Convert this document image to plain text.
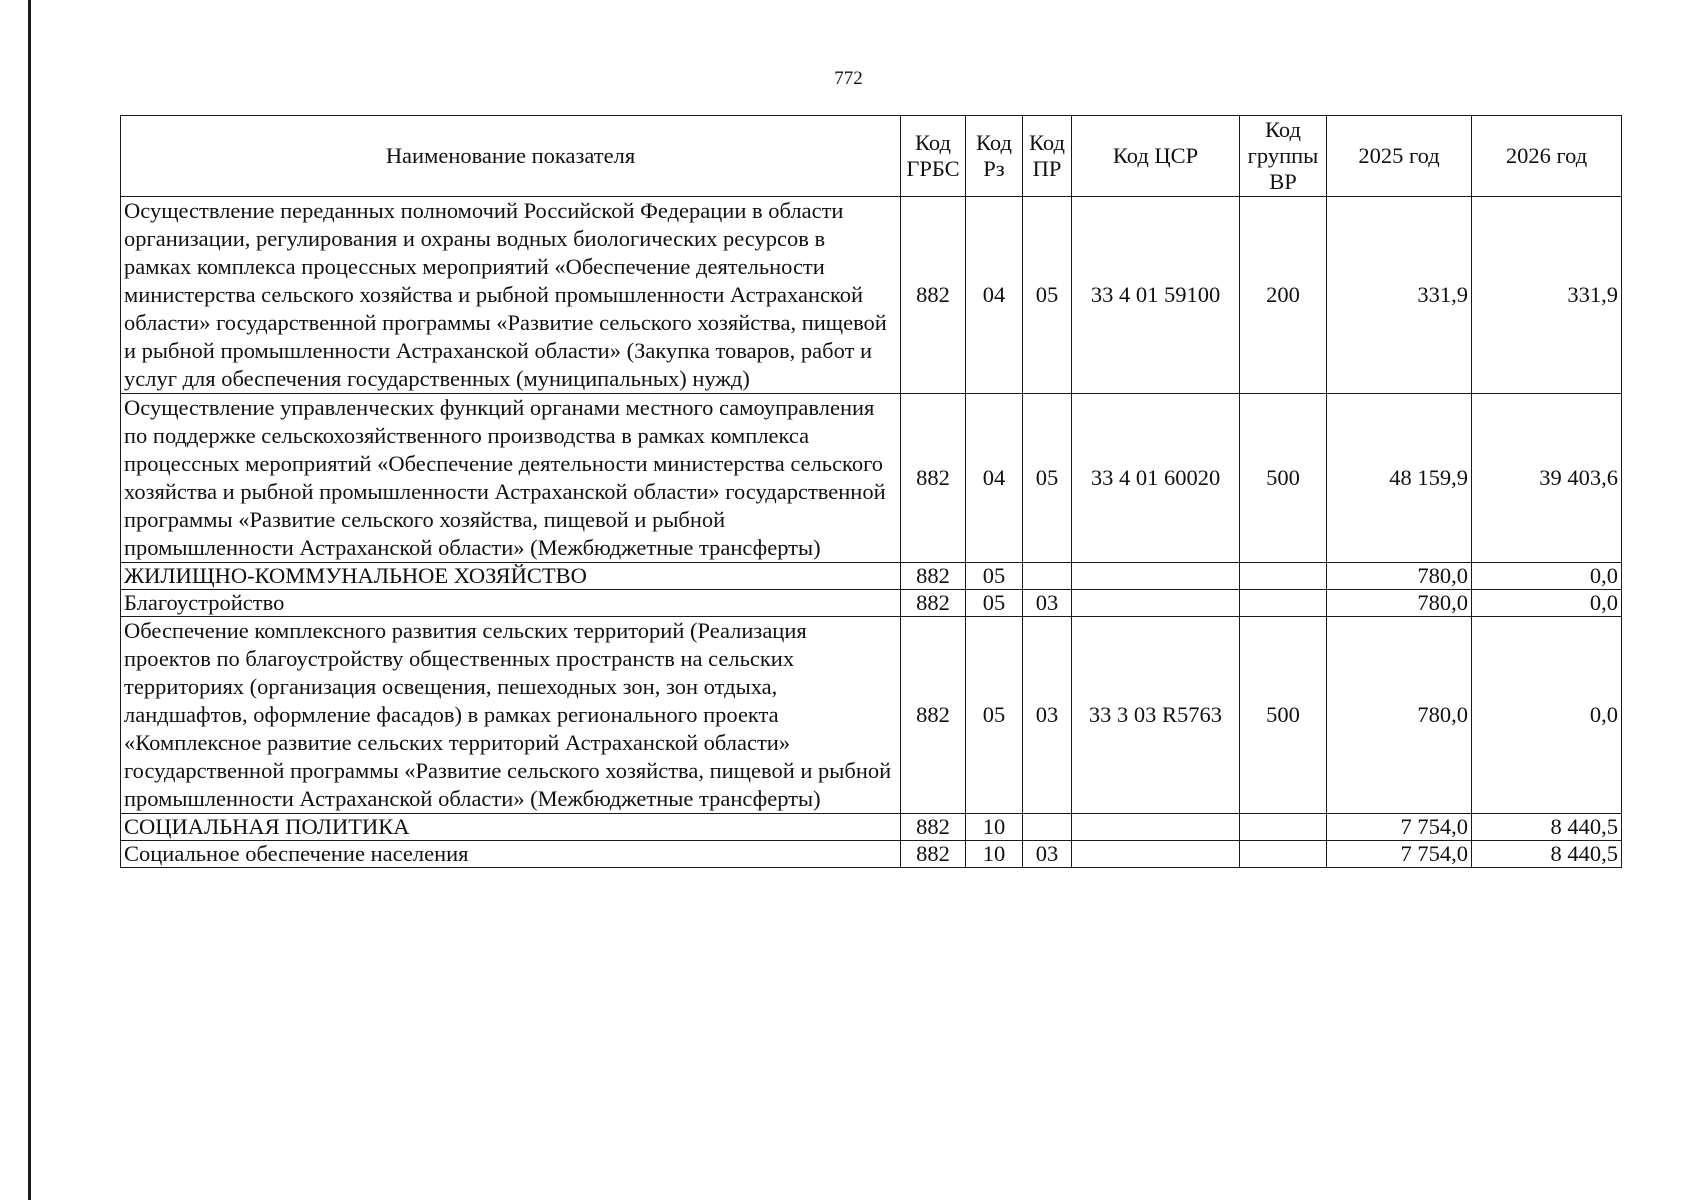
772
Наименование показателя	Код ГРБС	Код Рз	Код ПР	Код ЦСР	Код группы ВР	2025 год	2026 год
Осуществление переданных полномочий Российской Федерации в области организации, регулирования и охраны водных биологических ресурсов в рамках комплекса процессных мероприятий «Обеспечение деятельности министерства сельского хозяйства и рыбной промышленности Астраханской области» государственной программы «Развитие сельского хозяйства, пищевой и рыбной промышленности Астраханской области» (Закупка товаров, работ и услуг для обеспечения государственных (муниципальных) нужд)	882	04	05	33 4 01 59100	200	331,9	331,9
Осуществление управленческих функций органами местного самоуправления по поддержке сельскохозяйственного производства в рамках комплекса процессных мероприятий «Обеспечение деятельности министерства сельского хозяйства и рыбной промышленности Астраханской области» государственной программы «Развитие сельского хозяйства, пищевой и рыбной промышленности Астраханской области» (Межбюджетные трансферты)	882	04	05	33 4 01 60020	500	48 159,9	39 403,6
ЖИЛИЩНО-КОММУНАЛЬНОЕ ХОЗЯЙСТВО	882	05				780,0	0,0
Благоустройство	882	05	03			780,0	0,0
Обеспечение комплексного развития сельских территорий (Реализация проектов по благоустройству общественных пространств на сельских территориях (организация освещения, пешеходных зон, зон отдыха, ландшафтов, оформление фасадов) в рамках регионального проекта «Комплексное развитие сельских территорий Астраханской области» государственной программы «Развитие сельского хозяйства, пищевой и рыбной промышленности Астраханской области» (Межбюджетные трансферты)	882	05	03	33 3 03 R5763	500	780,0	0,0
СОЦИАЛЬНАЯ ПОЛИТИКА	882	10				7 754,0	8 440,5
Социальное обеспечение населения	882	10	03			7 754,0	8 440,5
